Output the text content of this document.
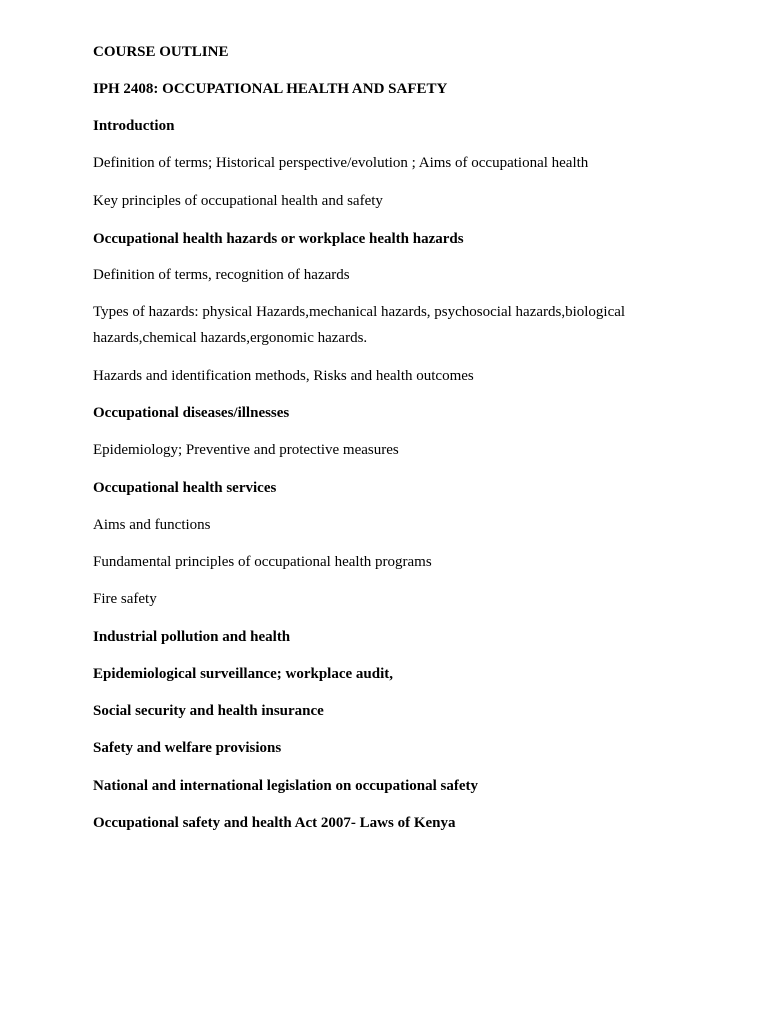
COURSE OUTLINE
IPH 2408: OCCUPATIONAL HEALTH AND SAFETY
Introduction
Definition of terms; Historical perspective/evolution ; Aims of occupational health
Key principles of occupational health and safety
Occupational health hazards or workplace health hazards
Definition of terms, recognition of hazards
Types of hazards: physical Hazards,mechanical hazards, psychosocial hazards,biological hazards,chemical hazards,ergonomic hazards.
Hazards and identification methods, Risks and health outcomes
Occupational diseases/illnesses
Epidemiology; Preventive and protective measures
Occupational health services
Aims and functions
Fundamental principles of occupational health programs
Fire safety
Industrial pollution and health
Epidemiological surveillance; workplace audit,
Social security and health insurance
Safety and welfare provisions
National and international legislation on occupational safety
Occupational safety and health Act 2007- Laws of Kenya
